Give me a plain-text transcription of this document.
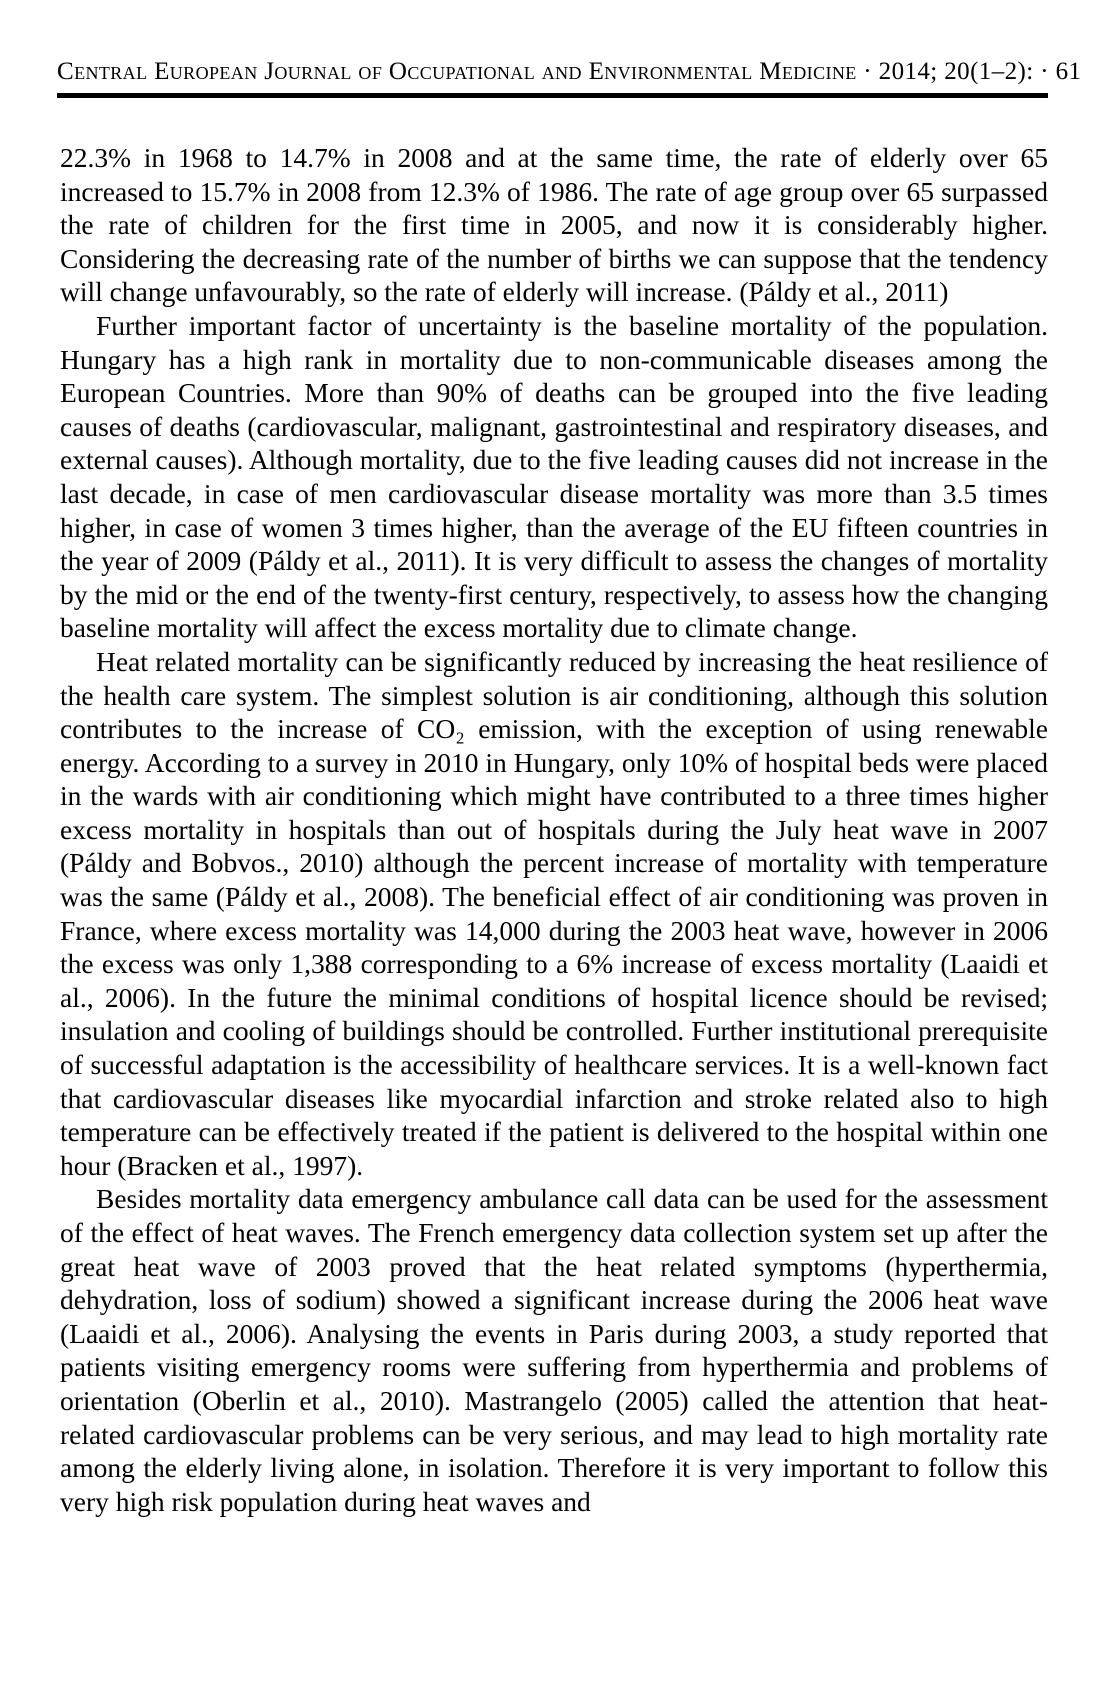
Central European Journal of Occupational and Environmental Medicine · 2014; 20(1–2): · 61

22.3% in 1968 to 14.7% in 2008 and at the same time, the rate of elderly over 65 increased to 15.7% in 2008 from 12.3% of 1986. The rate of age group over 65 surpassed the rate of children for the first time in 2005, and now it is considerably higher. Considering the decreasing rate of the number of births we can suppose that the tendency will change unfavourably, so the rate of elderly will increase. (Páldy et al., 2011)

Further important factor of uncertainty is the baseline mortality of the population. Hungary has a high rank in mortality due to non-communicable diseases among the European Countries. More than 90% of deaths can be grouped into the five leading causes of deaths (cardiovascular, malignant, gastrointestinal and respiratory diseases, and external causes). Although mortality, due to the five leading causes did not increase in the last decade, in case of men cardiovascular disease mortality was more than 3.5 times higher, in case of women 3 times higher, than the average of the EU fifteen countries in the year of 2009 (Páldy et al., 2011). It is very difficult to assess the changes of mortality by the mid or the end of the twenty-first century, respectively, to assess how the changing baseline mortality will affect the excess mortality due to climate change.

Heat related mortality can be significantly reduced by increasing the heat resilience of the health care system. The simplest solution is air conditioning, although this solution contributes to the increase of CO₂ emission, with the exception of using renewable energy. According to a survey in 2010 in Hungary, only 10% of hospital beds were placed in the wards with air conditioning which might have contributed to a three times higher excess mortality in hospitals than out of hospitals during the July heat wave in 2007 (Páldy and Bobvos., 2010) although the percent increase of mortality with temperature was the same (Páldy et al., 2008). The beneficial effect of air conditioning was proven in France, where excess mortality was 14,000 during the 2003 heat wave, however in 2006 the excess was only 1,388 corresponding to a 6% increase of excess mortality (Laaidi et al., 2006). In the future the minimal conditions of hospital licence should be revised; insulation and cooling of buildings should be controlled. Further institutional prerequisite of successful adaptation is the accessibility of healthcare services. It is a well-known fact that cardiovascular diseases like myocardial infarction and stroke related also to high temperature can be effectively treated if the patient is delivered to the hospital within one hour (Bracken et al., 1997).

Besides mortality data emergency ambulance call data can be used for the assessment of the effect of heat waves. The French emergency data collection system set up after the great heat wave of 2003 proved that the heat related symptoms (hyperthermia, dehydration, loss of sodium) showed a significant increase during the 2006 heat wave (Laaidi et al., 2006). Analysing the events in Paris during 2003, a study reported that patients visiting emergency rooms were suffering from hyperthermia and problems of orientation (Oberlin et al., 2010). Mastrangelo (2005) called the attention that heat-related cardiovascular problems can be very serious, and may lead to high mortality rate among the elderly living alone, in isolation. Therefore it is very important to follow this very high risk population during heat waves and
